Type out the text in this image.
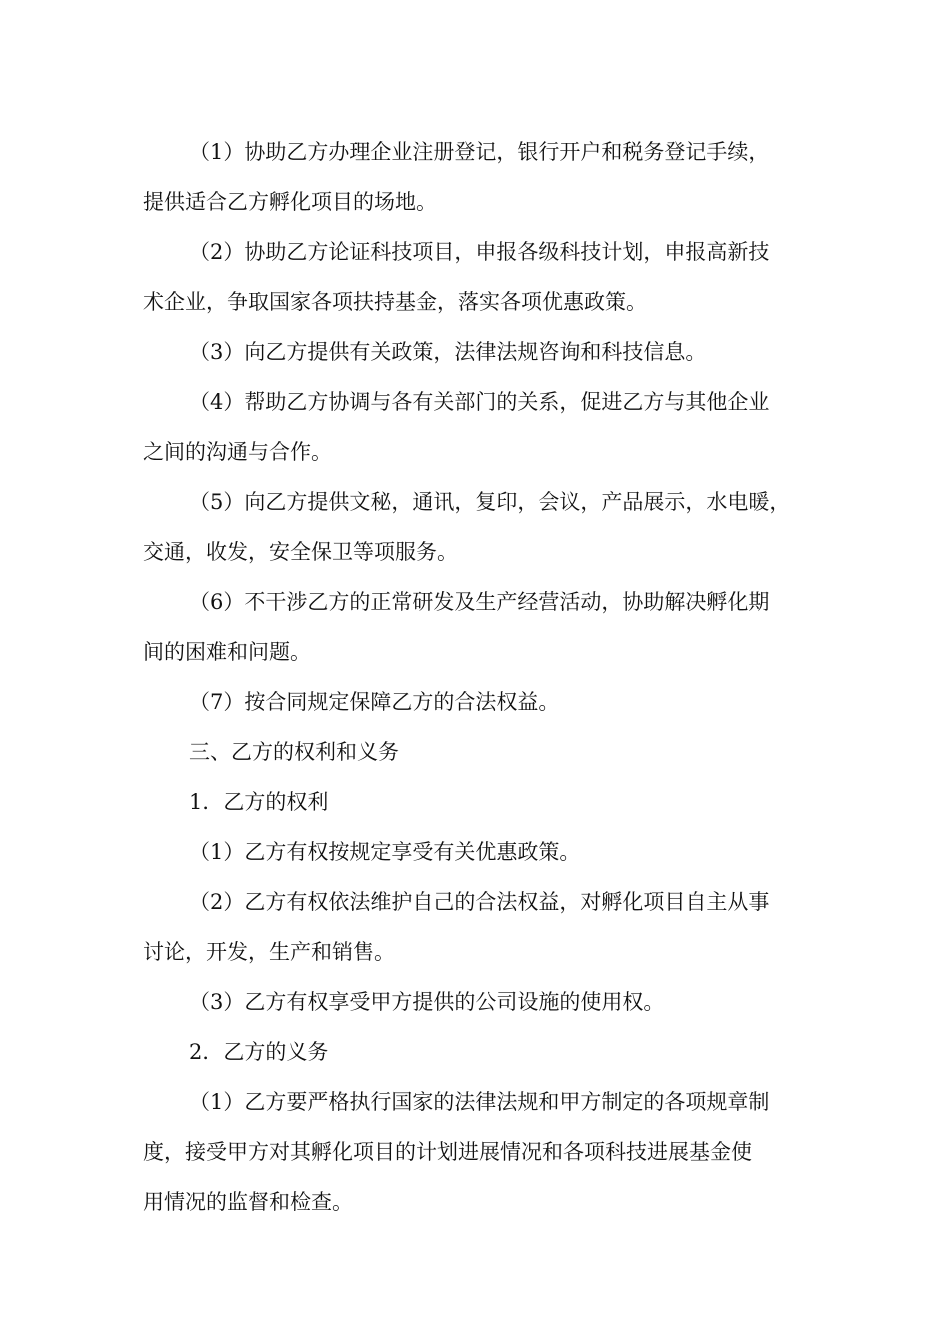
（1）协助乙方办理企业注册登记，银行开户和税务登记手续，

提供适合乙方孵化项目的场地。

（2）协助乙方论证科技项目，申报各级科技计划，申报高新技

术企业，争取国家各项扶持基金，落实各项优惠政策。

（3）向乙方提供有关政策，法律法规咨询和科技信息。

（4）帮助乙方协调与各有关部门的关系，促进乙方与其他企业

之间的沟通与合作。

（5）向乙方提供文秘，通讯，复印，会议，产品展示，水电暖，

交通，收发，安全保卫等项服务。

（6）不干涉乙方的正常研发及生产经营活动，协助解决孵化期

间的困难和问题。

（7）按合同规定保障乙方的合法权益。

三、乙方的权利和义务

1．乙方的权利

（1）乙方有权按规定享受有关优惠政策。

（2）乙方有权依法维护自己的合法权益，对孵化项目自主从事

讨论，开发，生产和销售。

（3）乙方有权享受甲方提供的公司设施的使用权。

2．乙方的义务

（1）乙方要严格执行国家的法律法规和甲方制定的各项规章制

度，接受甲方对其孵化项目的计划进展情况和各项科技进展基金使

用情况的监督和检查。
